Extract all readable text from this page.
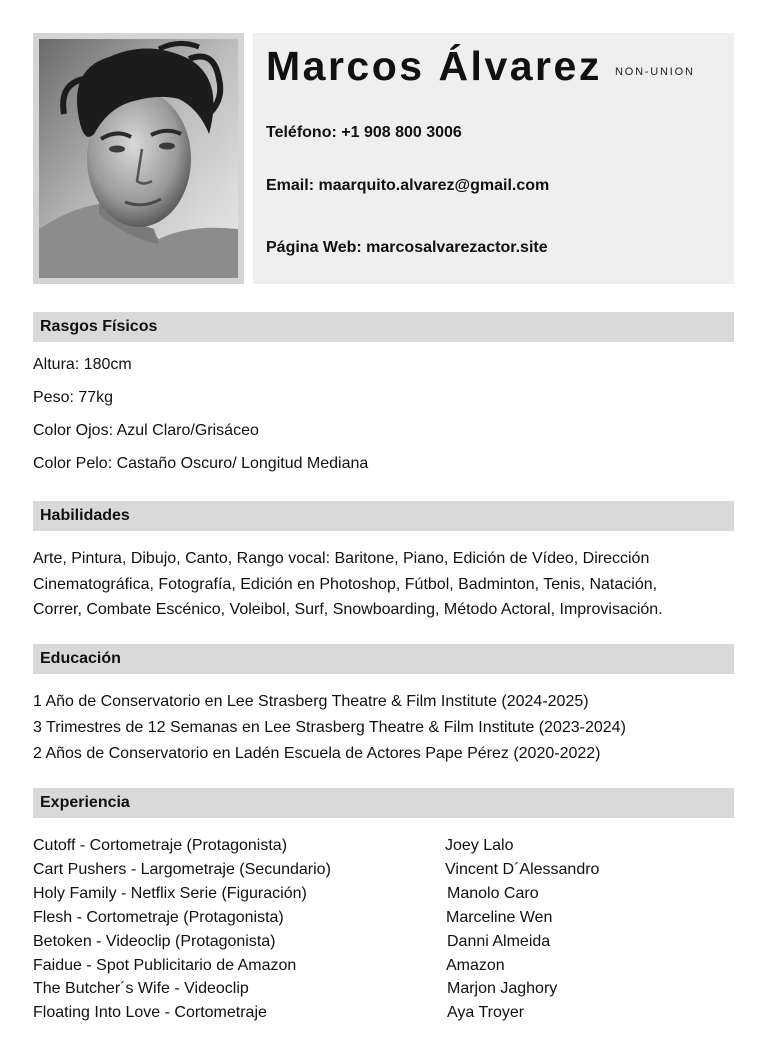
Marcos Álvarez NON-UNION
Teléfono: +1 908 800 3006
Email: maarquito.alvarez@gmail.com
Página Web: marcosalvarezactor.site
Rasgos Físicos
Altura: 180cm
Peso: 77kg
Color Ojos: Azul Claro/Grisáceo
Color Pelo: Castaño Oscuro/ Longitud Mediana
Habilidades
Arte, Pintura, Dibujo, Canto, Rango vocal: Baritone, Piano, Edición de Vídeo, Dirección
Cinematográfica, Fotografía, Edición en Photoshop, Fútbol, Badminton, Tenis, Natación,
Correr, Combate Escénico, Voleibol, Surf, Snowboarding, Método Actoral, Improvisación.
Educación
1 Año de Conservatorio en Lee Strasberg Theatre & Film Institute (2024-2025)
3 Trimestres de 12 Semanas en Lee Strasberg Theatre & Film Institute (2023-2024)
2 Años de Conservatorio en Ladén Escuela de Actores Pape Pérez (2020-2022)
Experiencia
Cutoff - Cortometraje (Protagonista)	Joey Lalo
Cart Pushers - Largometraje (Secundario)	Vincent D´Alessandro
Holy Family - Netflix Serie (Figuración)	Manolo Caro
Flesh - Cortometraje (Protagonista)	Marceline Wen
Betoken - Videoclip (Protagonista)	Danni Almeida
Faidue - Spot Publicitario de Amazon	Amazon
The Butcher´s Wife - Videoclip	Marjon Jaghory
Floating Into Love - Cortometraje	Aya Troyer
